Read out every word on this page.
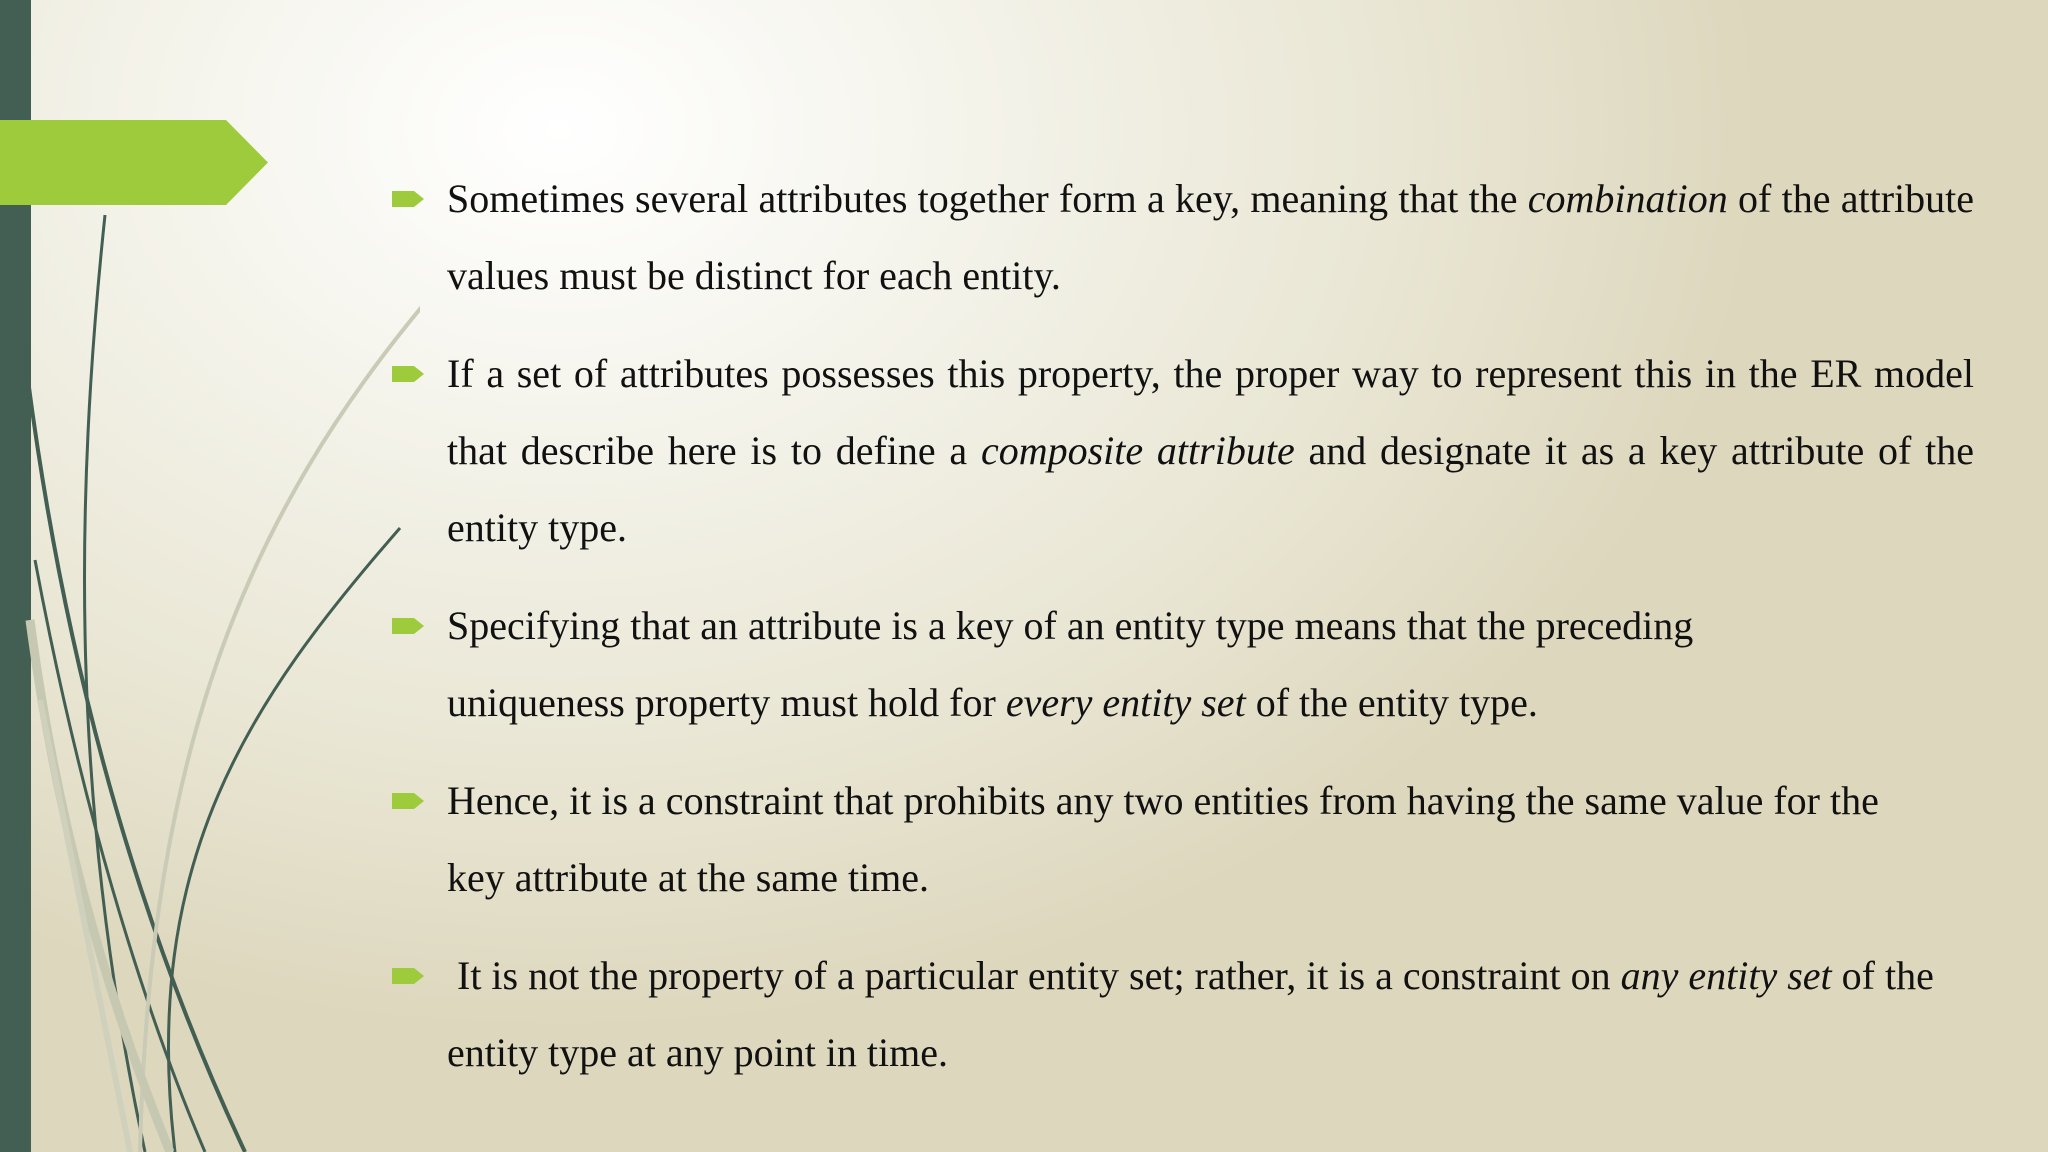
Sometimes several attributes together form a key, meaning that the combination of the attribute values must be distinct for each entity.
If a set of attributes possesses this property, the proper way to represent this in the ER model that describe here is to define a composite attribute and designate it as a key attribute of the entity type.
Specifying that an attribute is a key of an entity type means that the preceding uniqueness property must hold for every entity set of the entity type.
Hence, it is a constraint that prohibits any two entities from having the same value for the key attribute at the same time.
It is not the property of a particular entity set; rather, it is a constraint on any entity set of the entity type at any point in time.
